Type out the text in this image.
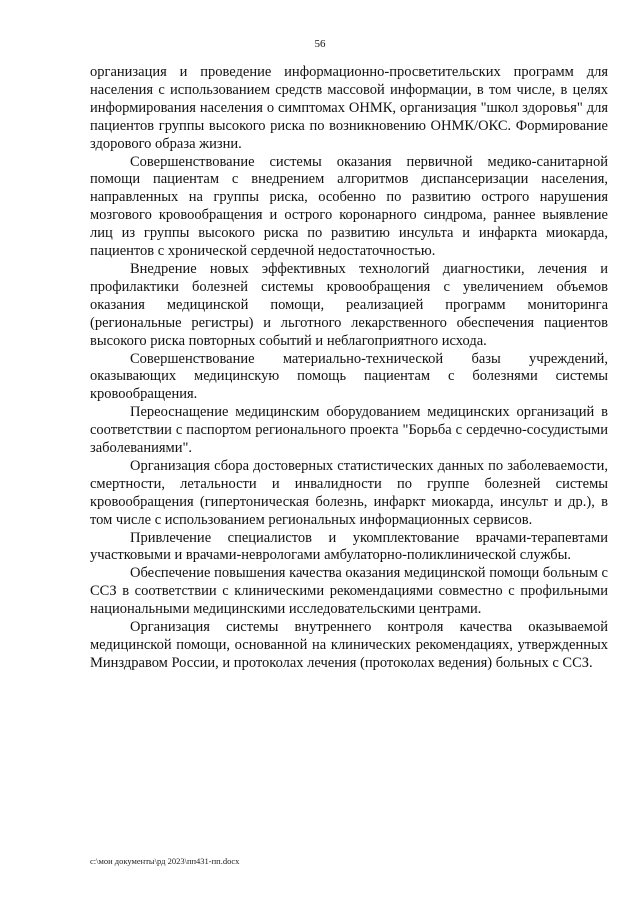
56

организация и проведение информационно-просветительских программ для населения с использованием средств массовой информации, в том числе, в целях информирования населения о симптомах ОНМК, организация "школ здоровья" для пациентов группы высокого риска по возникновению ОНМК/ОКС. Формирование здорового образа жизни.

Совершенствование системы оказания первичной медико-санитарной помощи пациентам с внедрением алгоритмов диспансеризации населения, направленных на группы риска, особенно по развитию острого нарушения мозгового кровообращения и острого коронарного синдрома, раннее выявление лиц из группы высокого риска по развитию инсульта и инфаркта миокарда, пациентов с хронической сердечной недостаточностью.

Внедрение новых эффективных технологий диагностики, лечения и профилактики болезней системы кровообращения с увеличением объемов оказания медицинской помощи, реализацией программ мониторинга (региональные регистры) и льготного лекарственного обеспечения пациентов высокого риска повторных событий и неблагоприятного исхода.

Совершенствование материально-технической базы учреждений, оказывающих медицинскую помощь пациентам с болезнями системы кровообращения.

Переоснащение медицинским оборудованием медицинских организаций в соответствии с паспортом регионального проекта "Борьба с сердечно-сосудистыми заболеваниями".

Организация сбора достоверных статистических данных по заболеваемости, смертности, летальности и инвалидности по группе болезней системы кровообращения (гипертоническая болезнь, инфаркт миокарда, инсульт и др.), в том числе с использованием региональных информационных сервисов.

Привлечение специалистов и укомплектование врачами-терапевтами участковыми и врачами-неврологами амбулаторно-поликлинической службы.

Обеспечение повышения качества оказания медицинской помощи больным с ССЗ в соответствии с клиническими рекомендациями совместно с профильными национальными медицинскими исследовательскими центрами.

Организация системы внутреннего контроля качества оказываемой медицинской помощи, основанной на клинических рекомендациях, утвержденных Минздравом России, и протоколах лечения (протоколах ведения) больных с ССЗ.

c:\мои документы\рд 2023\пп431-пп.docx
